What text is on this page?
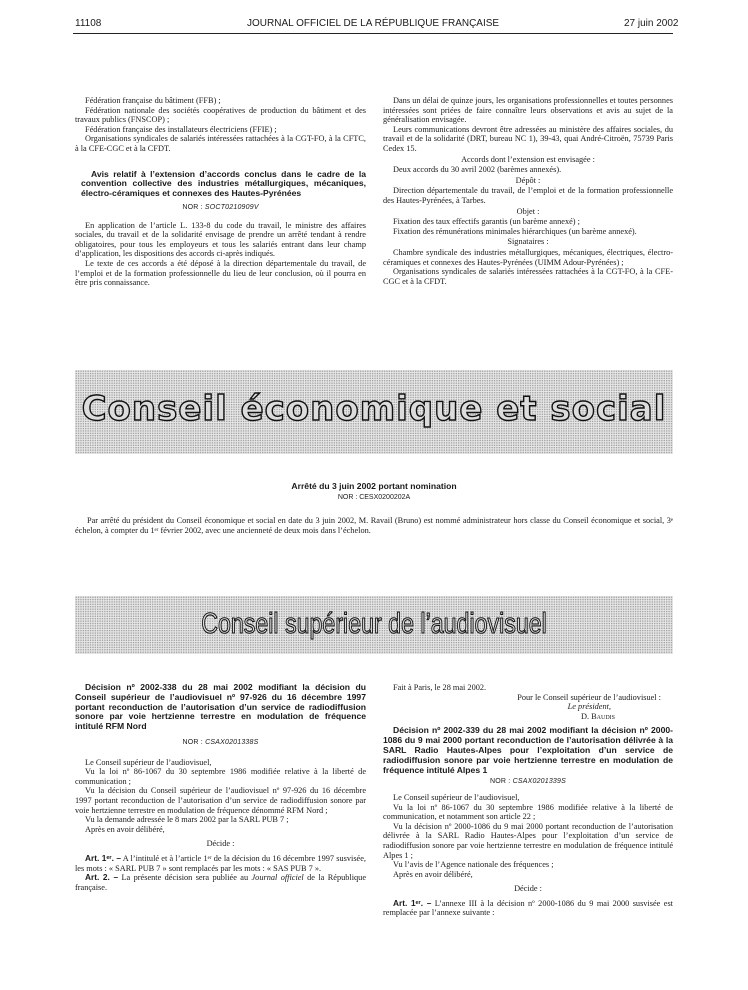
11108	JOURNAL OFFICIEL DE LA RÉPUBLIQUE FRANÇAISE	27 juin 2002

Fédération française du bâtiment (FFB) ;

Fédération nationale des sociétés coopératives de production du bâtiment et des travaux publics (FNSCOP) ;

Fédération française des installateurs électriciens (FFIE) ;

Organisations syndicales de salariés intéressées rattachées à la CGT-FO, à la CFTC, à la CFE-CGC et à la CFDT.

Avis relatif à l’extension d’accords conclus dans le cadre de la convention collective des industries métallurgiques, mécaniques, électro-céramiques et connexes des Hautes-Pyrénées

NOR : SOCT0210909V

En application de l’article L. 133-8 du code du travail, le ministre des affaires sociales, du travail et de la solidarité envisage de prendre un arrêté tendant à rendre obligatoires, pour tous les employeurs et tous les salariés entrant dans leur champ d’application, les dispositions des accords ci-après indiqués.

Le texte de ces accords a été déposé à la direction départementale du travail, de l’emploi et de la formation professionnelle du lieu de leur conclusion, où il pourra en être pris connaissance.

Dans un délai de quinze jours, les organisations professionnelles et toutes personnes intéressées sont priées de faire connaître leurs observations et avis au sujet de la généralisation envisagée.

Leurs communications devront être adressées au ministère des affaires sociales, du travail et de la solidarité (DRT, bureau NC 1), 39-43, quai André-Citroën, 75739 Paris Cedex 15.

Accords dont l’extension est envisagée :

Deux accords du 30 avril 2002 (barèmes annexés).

Dépôt :

Direction départementale du travail, de l’emploi et de la formation professionnelle des Hautes-Pyrénées, à Tarbes.

Objet :

Fixation des taux effectifs garantis (un barème annexé) ;

Fixation des rémunérations minimales hiérarchiques (un barème annexé).

Signataires :

Chambre syndicale des industries métallurgiques, mécaniques, électriques, électro-céramiques et connexes des Hautes-Pyrénées (UIMM Adour-Pyrénées) ;

Organisations syndicales de salariés intéressées rattachées à la CGT-FO, à la CFE-CGC et à la CFDT.

Conseil économique et social
Arrêté du 3 juin 2002 portant nomination
NOR : CESX0200202A

Par arrêté du président du Conseil économique et social en date du 3 juin 2002, M. Ravail (Bruno) est nommé administrateur hors classe du Conseil économique et social, 3ᵉ échelon, à compter du 1ᵉʳ février 2002, avec une ancienneté de deux mois dans l’échelon.

Conseil supérieur de l’audiovisuel

Décision nº 2002-338 du 28 mai 2002 modifiant la décision du Conseil supérieur de l’audiovisuel nº 97-926 du 16 décembre 1997 portant reconduction de l’autorisation d’un service de radiodiffusion sonore par voie hertzienne terrestre en modulation de fréquence intitulé RFM Nord

NOR : CSAX0201338S

Le Conseil supérieur de l’audiovisuel,

Vu la loi nº 86-1067 du 30 septembre 1986 modifiée relative à la liberté de communication ;

Vu la décision du Conseil supérieur de l’audiovisuel nº 97-926 du 16 décembre 1997 portant reconduction de l’autorisation d’un service de radiodiffusion sonore par voie hertzienne terrestre en modulation de fréquence dénommé RFM Nord ;

Vu la demande adressée le 8 mars 2002 par la SARL PUB 7 ;

Après en avoir délibéré,

Décide :

Art. 1ᵉʳ. – A l’intitulé et à l’article 1ᵉʳ de la décision du 16 décembre 1997 susvisée, les mots : « SARL PUB 7 » sont remplacés par les mots : « SAS PUB 7 ».

Art. 2. – La présente décision sera publiée au Journal officiel de la République française.

Fait à Paris, le 28 mai 2002.

Pour le Conseil supérieur de l’audiovisuel :

Le président,

D. Baudis

Décision nº 2002-339 du 28 mai 2002 modifiant la décision nº 2000-1086 du 9 mai 2000 portant reconduction de l’autorisation délivrée à la SARL Radio Hautes-Alpes pour l’exploitation d’un service de radiodiffusion sonore par voie hertzienne terrestre en modulation de fréquence intitulé Alpes 1

NOR : CSAX0201339S

Le Conseil supérieur de l’audiovisuel,

Vu la loi nº 86-1067 du 30 septembre 1986 modifiée relative à la liberté de communication, et notamment son article 22 ;

Vu la décision nº 2000-1086 du 9 mai 2000 portant reconduction de l’autorisation délivrée à la SARL Radio Hautes-Alpes pour l’exploitation d’un service de radiodiffusion sonore par voie hertzienne terrestre en modulation de fréquence intitulé Alpes 1 ;

Vu l’avis de l’Agence nationale des fréquences ;

Après en avoir délibéré,

Décide :

Art. 1ᵉʳ. – L’annexe III à la décision nº 2000-1086 du 9 mai 2000 susvisée est remplacée par l’annexe suivante :
